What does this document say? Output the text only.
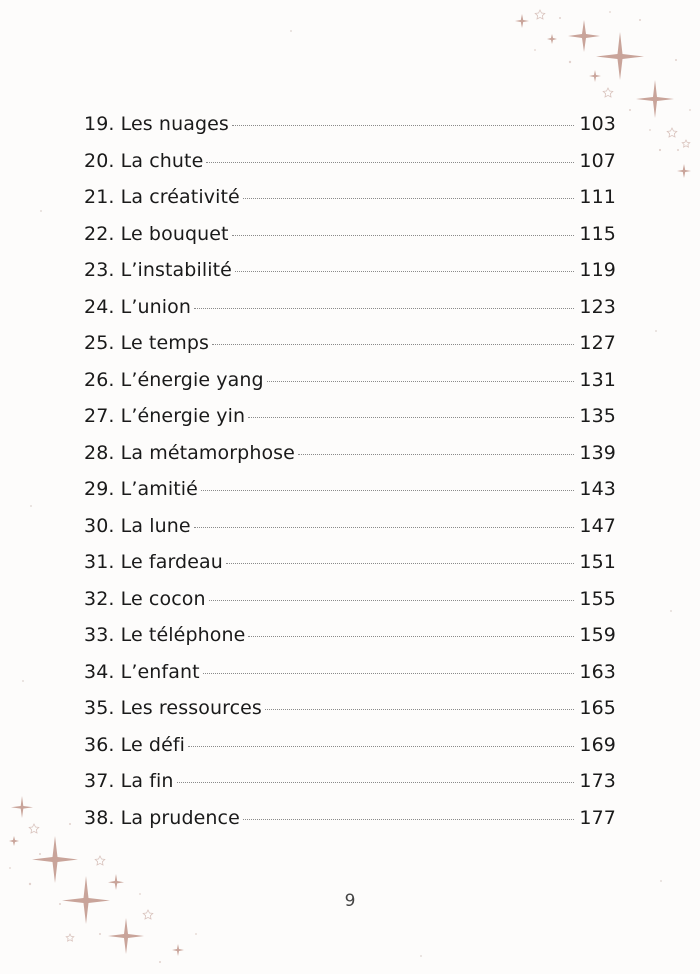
19. Les nuages	103
20. La chute	107
21. La créativité	111
22. Le bouquet	115
23. L’instabilité	119
24. L’union	123
25. Le temps	127
26. L’énergie yang	131
27. L’énergie yin	135
28. La métamorphose	139
29. L’amitié	143
30. La lune	147
31. Le fardeau	151
32. Le cocon	155
33. Le téléphone	159
34. L’enfant	163
35. Les ressources	165
36. Le défi	169
37. La fin	173
38. La prudence	177
9
